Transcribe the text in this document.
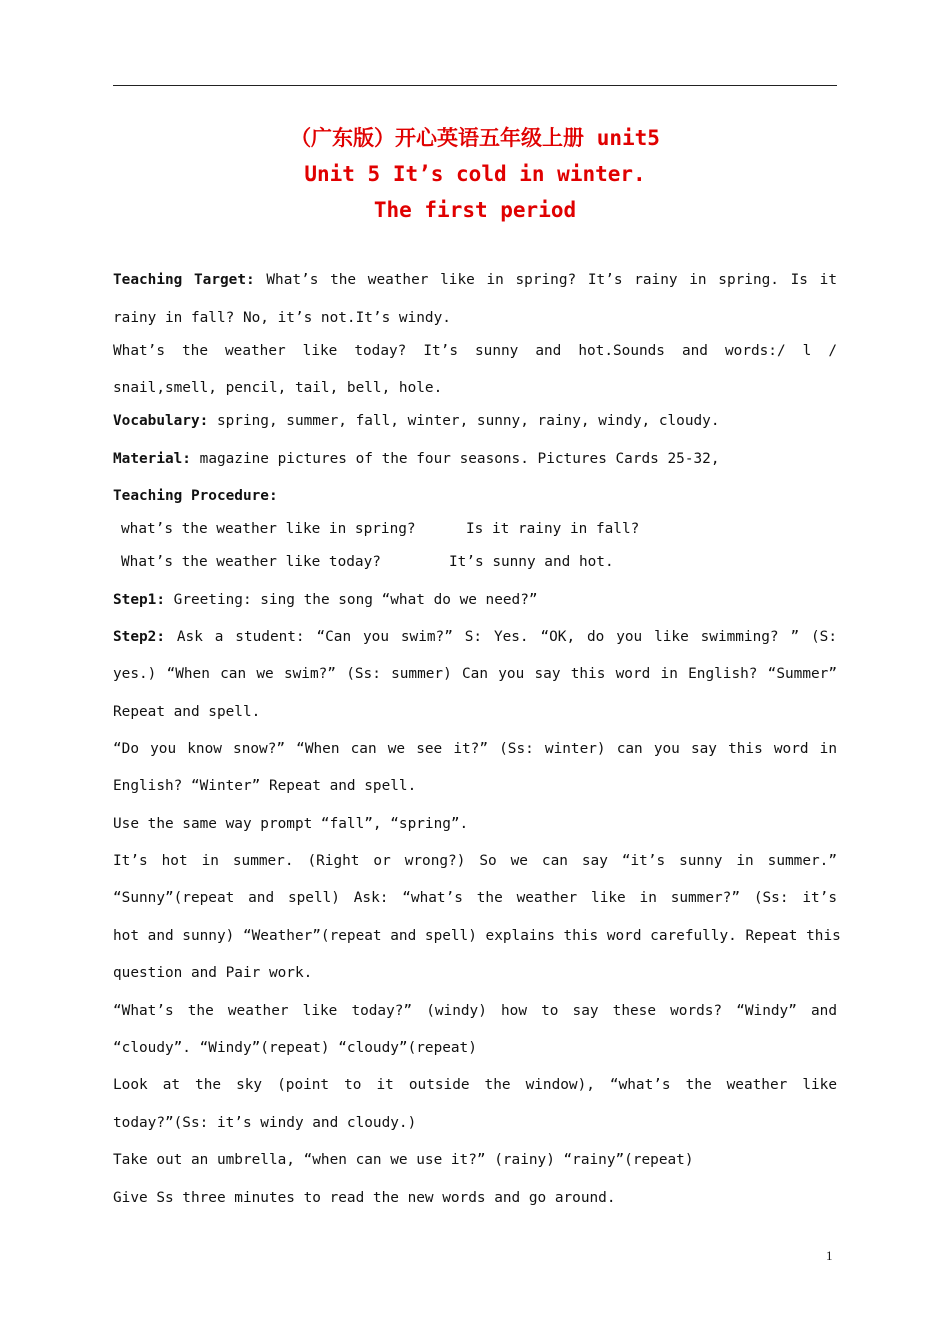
（广东版）开心英语五年级上册 unit5
Unit 5 It’s cold in winter.
The first period
Teaching Target: What’s the weather like in spring? It’s rainy in spring. Is it
rainy in fall? No, it’s not.It’s windy.
What’s the weather like today? It’s sunny and hot.Sounds and words:/ l /
snail,smell, pencil, tail, bell, hole.
Vocabulary: spring, summer, fall, winter, sunny, rainy, windy, cloudy.
Material: magazine pictures of the four seasons. Pictures Cards 25-32,
Teaching Procedure:
what’s the weather like in spring?	Is it rainy in fall?
What’s the weather like today?	It’s sunny and hot.
Step1: Greeting: sing the song “what do we need?”
Step2: Ask a student: “Can you swim?” S: Yes. “OK, do you like swimming? ” (S:
yes.) “When can we swim?” (Ss: summer) Can you say this word in English? “Summer”
Repeat and spell.
“Do you know snow?” “When can we see it?” (Ss: winter) can you say this word in
English? “Winter” Repeat and spell.
Use the same way prompt “fall”, “spring”.
It’s hot in summer. (Right or wrong?) So we can say “it’s sunny in summer.”
“Sunny”(repeat and spell) Ask: “what’s the weather like in summer?” (Ss: it’s
hot and sunny) “Weather”(repeat and spell) explains this word carefully. Repeat this
question and Pair work.
“What’s the weather like today?” (windy) how to say these words? “Windy” and
“cloudy”. “Windy”(repeat) “cloudy”(repeat)
Look at the sky (point to it outside the window), “what’s the weather like
today?”(Ss: it’s windy and cloudy.)
Take out an umbrella, “when can we use it?” (rainy) “rainy”(repeat)
Give Ss three minutes to read the new words and go around.
1
